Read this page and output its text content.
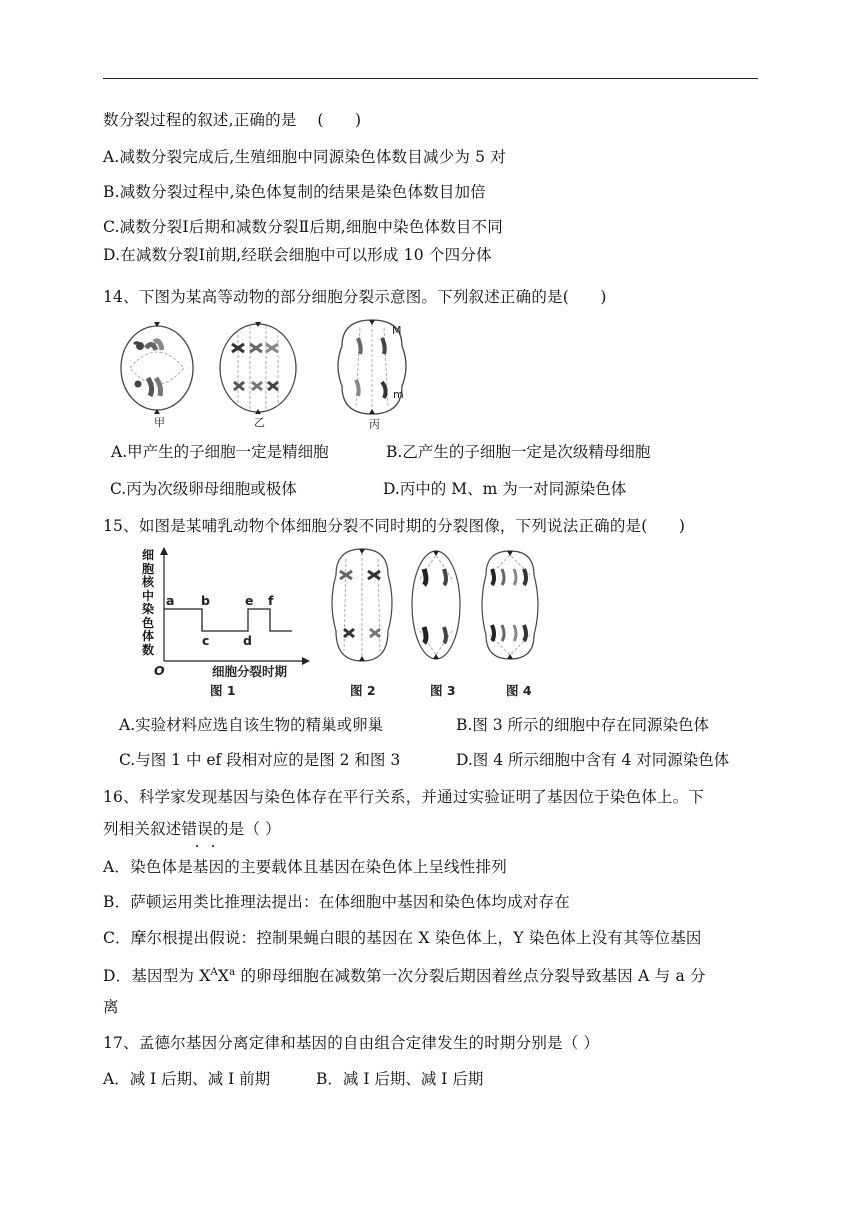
数分裂过程的叙述,正确的是　 (　　)
A.减数分裂完成后,生殖细胞中同源染色体数目减少为 5 对
B.减数分裂过程中,染色体复制的结果是染色体数目加倍
C.减数分裂Ⅰ后期和减数分裂Ⅱ后期,细胞中染色体数目不同
D.在减数分裂Ⅰ前期,经联会细胞中可以形成 10 个四分体
14、下图为某高等动物的部分细胞分裂示意图。下列叙述正确的是(　　)
甲	乙
M
m
丙
A.甲产生的子细胞一定是精细胞	B.乙产生的子细胞一定是次级精母细胞
C.丙为次级卵母细胞或极体	D.丙中的 M、m 为一对同源染色体
15、如图是某哺乳动物个体细胞分裂不同时期的分裂图像，下列说法正确的是(　　)
O
a b
c	d
e f
细胞分裂时期
图 1	图 2	图 3	图 4
细胞核中染色体数
A.实验材料应选自该生物的精巢或卵巢	B.图 3 所示的细胞中存在同源染色体
C.与图 1 中 ef 段相对应的是图 2 和图 3	D.图 4 所示细胞中含有 4 对同源染色体
16、科学家发现基因与染色体存在平行关系，并通过实验证明了基因位于染色体上。下
列相关叙述错误的是（ ）
A．染色体是基因的主要载体且基因在染色体上呈线性排列
B．萨顿运用类比推理法提出：在体细胞中基因和染色体均成对存在
C．摩尔根提出假说：控制果蝇白眼的基因在 X 染色体上，Y 染色体上没有其等位基因
D．基因型为 $X^AX^a$ 的卵母细胞在减数第一次分裂后期因着丝点分裂导致基因 A 与 a 分
离
17、孟德尔基因分离定律和基因的自由组合定律发生的时期分别是（ ）
A．减 I 后期、减 I 前期	B．减 I 后期、减 I 后期
